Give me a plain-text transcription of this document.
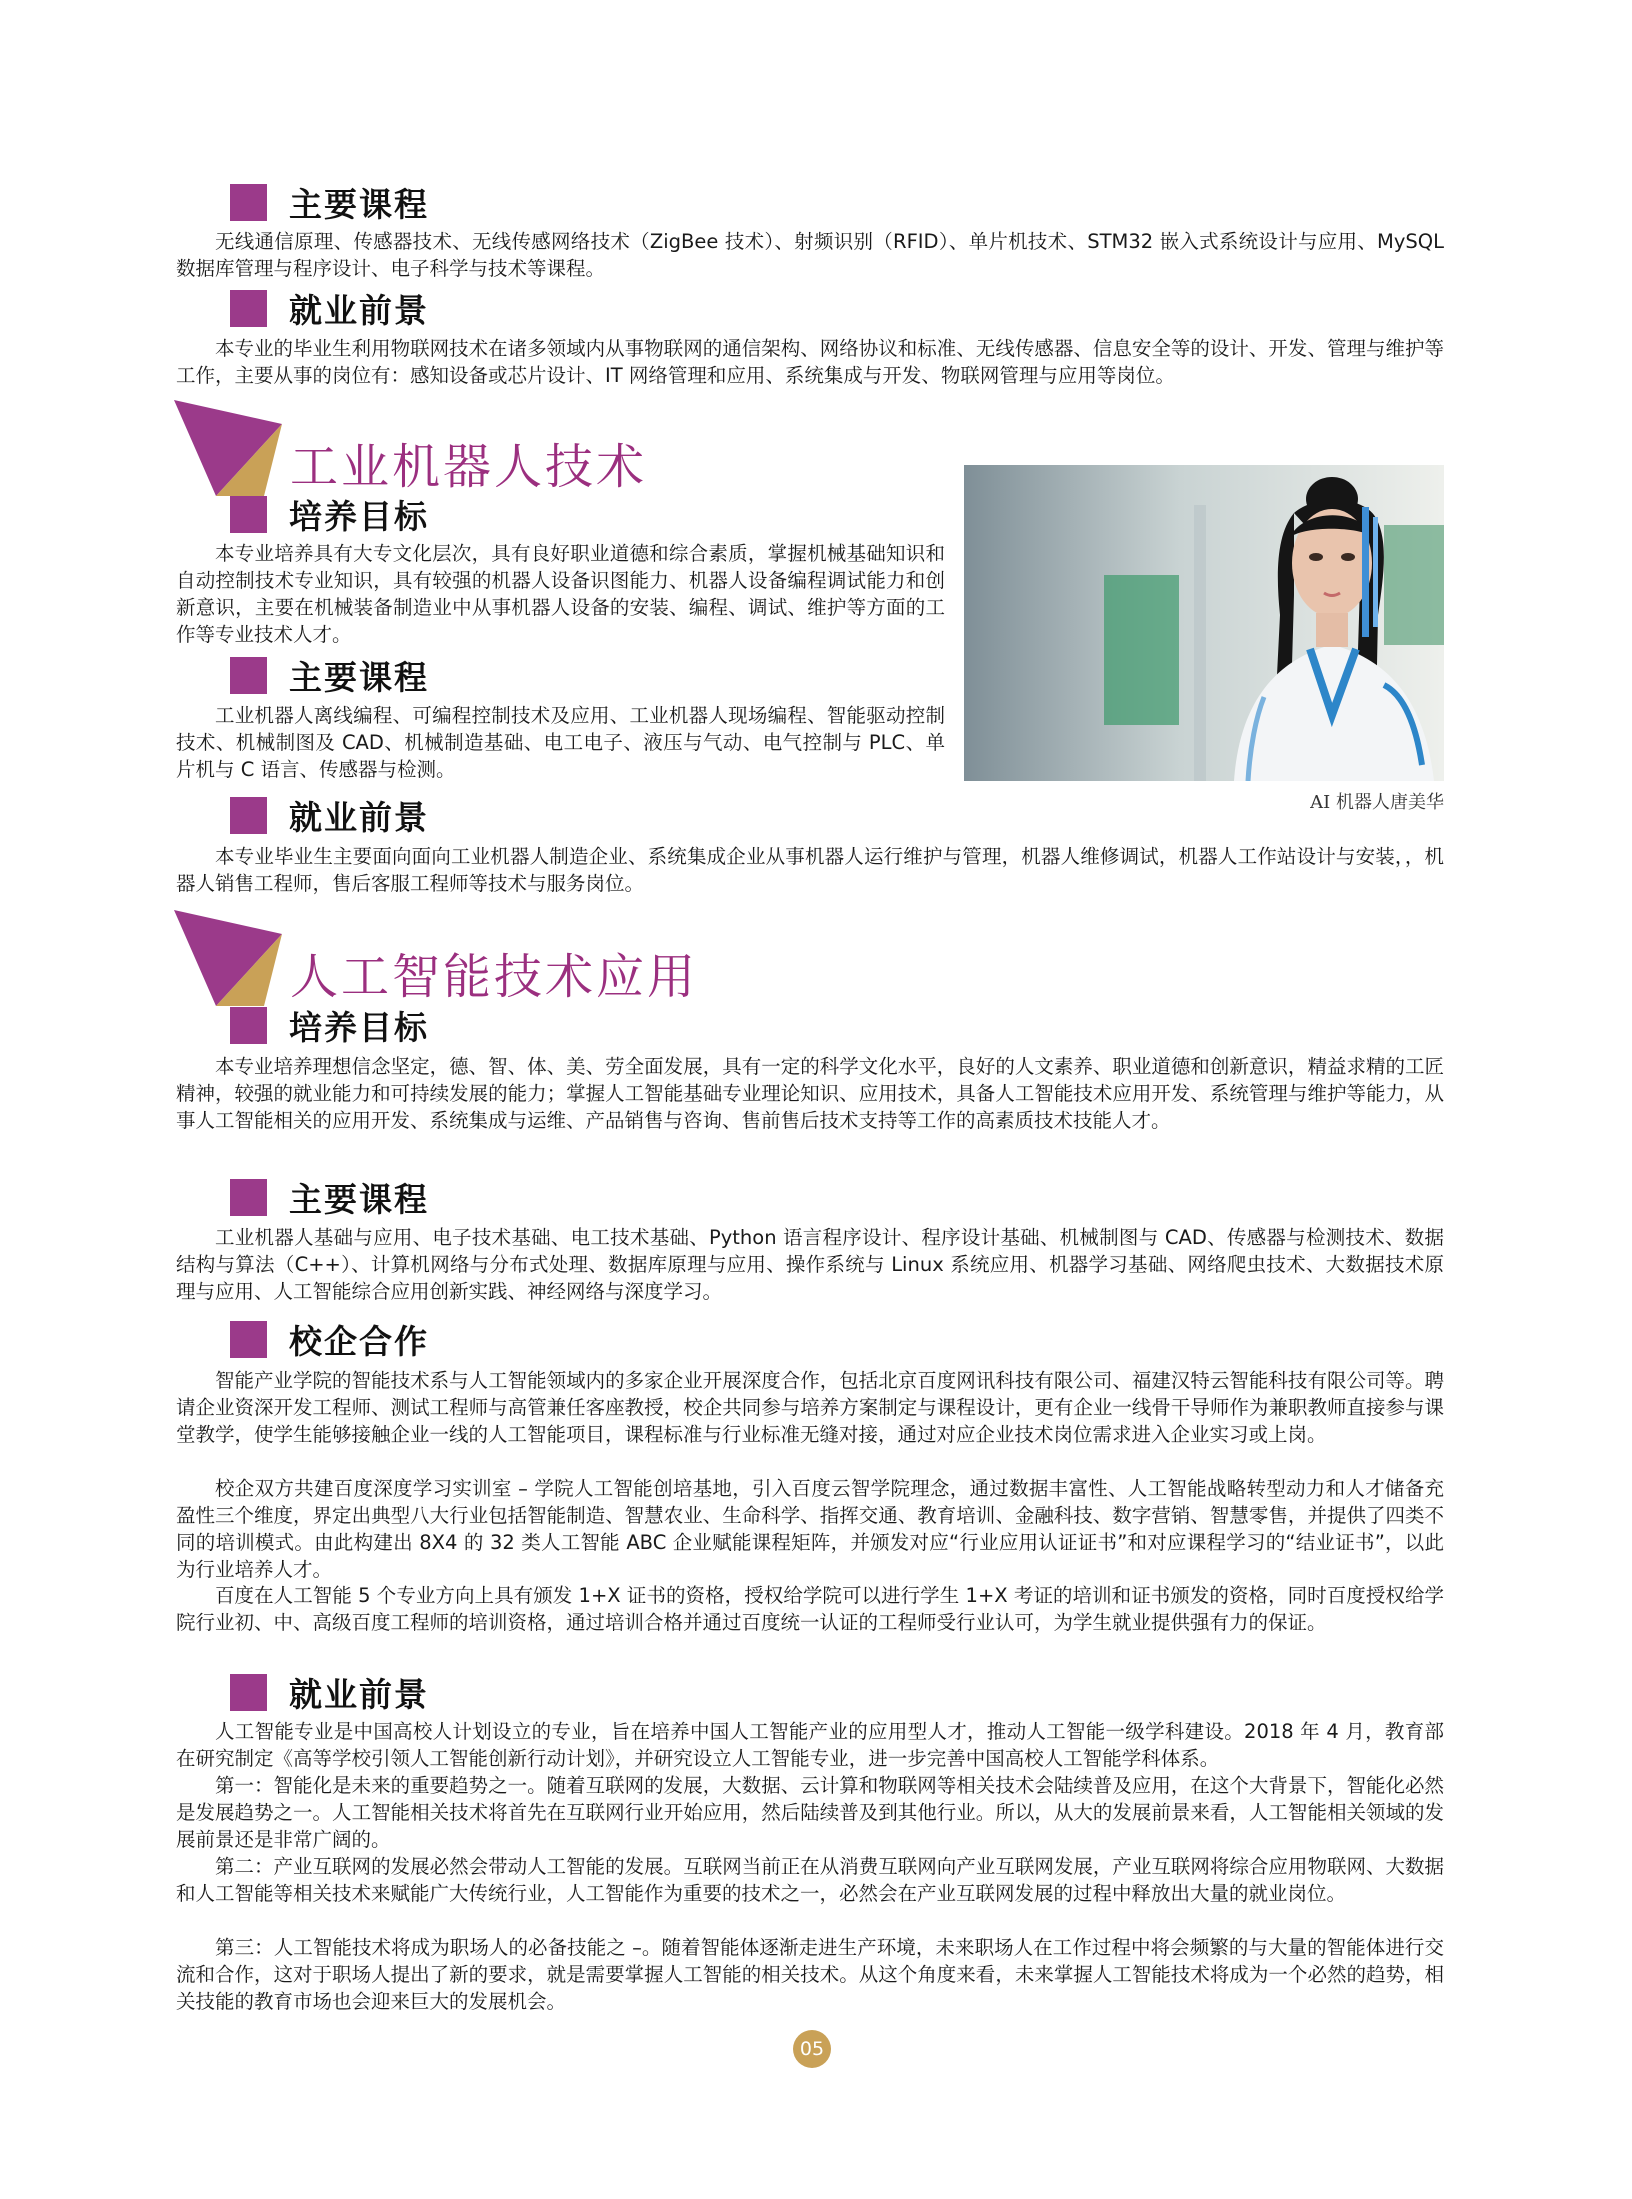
主要课程

无线通信原理、传感器技术、无线传感网络技术（ZigBee 技术）、射频识别（RFID）、单片机技术、STM32 嵌入式系统设计与应用、MySQL 数据库管理与程序设计、电子科学与技术等课程。

就业前景

本专业的毕业生利用物联网技术在诸多领域内从事物联网的通信架构、网络协议和标准、无线传感器、信息安全等的设计、开发、管理与维护等工作，主要从事的岗位有：感知设备或芯片设计、IT 网络管理和应用、系统集成与开发、物联网管理与应用等岗位。

工业机器人技术
培养目标

本专业培养具有大专文化层次，具有良好职业道德和综合素质，掌握机械基础知识和自动控制技术专业知识，具有较强的机器人设备识图能力、机器人设备编程调试能力和创新意识，主要在机械装备制造业中从事机器人设备的安装、编程、调试、维护等方面的工作等专业技术人才。

主要课程

工业机器人离线编程、可编程控制技术及应用、工业机器人现场编程、智能驱动控制技术、机械制图及 CAD、机械制造基础、电工电子、液压与气动、电气控制与 PLC、单片机与 C 语言、传感器与检测。

就业前景

本专业毕业生主要面向面向工业机器人制造企业、系统集成企业从事机器人运行维护与管理，机器人维修调试，机器人工作站设计与安装，，机器人销售工程师，售后客服工程师等技术与服务岗位。

AI 机器人唐美华
人工智能技术应用
培养目标

本专业培养理想信念坚定，德、智、体、美、劳全面发展，具有一定的科学文化水平，良好的人文素养、职业道德和创新意识，精益求精的工匠精神，较强的就业能力和可持续发展的能力；掌握人工智能基础专业理论知识、应用技术，具备人工智能技术应用开发、系统管理与维护等能力，从事人工智能相关的应用开发、系统集成与运维、产品销售与咨询、售前售后技术支持等工作的高素质技术技能人才。

主要课程

工业机器人基础与应用、电子技术基础、电工技术基础、Python 语言程序设计、程序设计基础、机械制图与 CAD、传感器与检测技术、数据结构与算法（C++）、计算机网络与分布式处理、数据库原理与应用、操作系统与 Linux 系统应用、机器学习基础、网络爬虫技术、大数据技术原理与应用、人工智能综合应用创新实践、神经网络与深度学习。

校企合作

智能产业学院的智能技术系与人工智能领域内的多家企业开展深度合作，包括北京百度网讯科技有限公司、福建汉特云智能科技有限公司等。聘请企业资深开发工程师、测试工程师与高管兼任客座教授，校企共同参与培养方案制定与课程设计，更有企业一线骨干导师作为兼职教师直接参与课堂教学，使学生能够接触企业一线的人工智能项目，课程标准与行业标准无缝对接，通过对应企业技术岗位需求进入企业实习或上岗。

校企双方共建百度深度学习实训室 – 学院人工智能创培基地，引入百度云智学院理念，通过数据丰富性、人工智能战略转型动力和人才储备充盈性三个维度，界定出典型八大行业包括智能制造、智慧农业、生命科学、指挥交通、教育培训、金融科技、数字营销、智慧零售，并提供了四类不同的培训模式。由此构建出 8X4 的 32 类人工智能 ABC 企业赋能课程矩阵，并颁发对应“行业应用认证证书”和对应课程学习的“结业证书”，以此为行业培养人才。

百度在人工智能 5 个专业方向上具有颁发 1+X 证书的资格，授权给学院可以进行学生 1+X 考证的培训和证书颁发的资格，同时百度授权给学院行业初、中、高级百度工程师的培训资格，通过培训合格并通过百度统一认证的工程师受行业认可，为学生就业提供强有力的保证。

就业前景

人工智能专业是中国高校人计划设立的专业，旨在培养中国人工智能产业的应用型人才，推动人工智能一级学科建设。2018 年 4 月，教育部在研究制定《高等学校引领人工智能创新行动计划》，并研究设立人工智能专业，进一步完善中国高校人工智能学科体系。

第一：智能化是未来的重要趋势之一。随着互联网的发展，大数据、云计算和物联网等相关技术会陆续普及应用，在这个大背景下，智能化必然是发展趋势之一。人工智能相关技术将首先在互联网行业开始应用，然后陆续普及到其他行业。所以，从大的发展前景来看，人工智能相关领域的发展前景还是非常广阔的。

第二：产业互联网的发展必然会带动人工智能的发展。互联网当前正在从消费互联网向产业互联网发展，产业互联网将综合应用物联网、大数据和人工智能等相关技术来赋能广大传统行业，人工智能作为重要的技术之一，必然会在产业互联网发展的过程中释放出大量的就业岗位。

第三：人工智能技术将成为职场人的必备技能之 –。随着智能体逐渐走进生产环境，未来职场人在工作过程中将会频繁的与大量的智能体进行交流和合作，这对于职场人提出了新的要求，就是需要掌握人工智能的相关技术。从这个角度来看，未来掌握人工智能技术将成为一个必然的趋势，相关技能的教育市场也会迎来巨大的发展机会。

05
